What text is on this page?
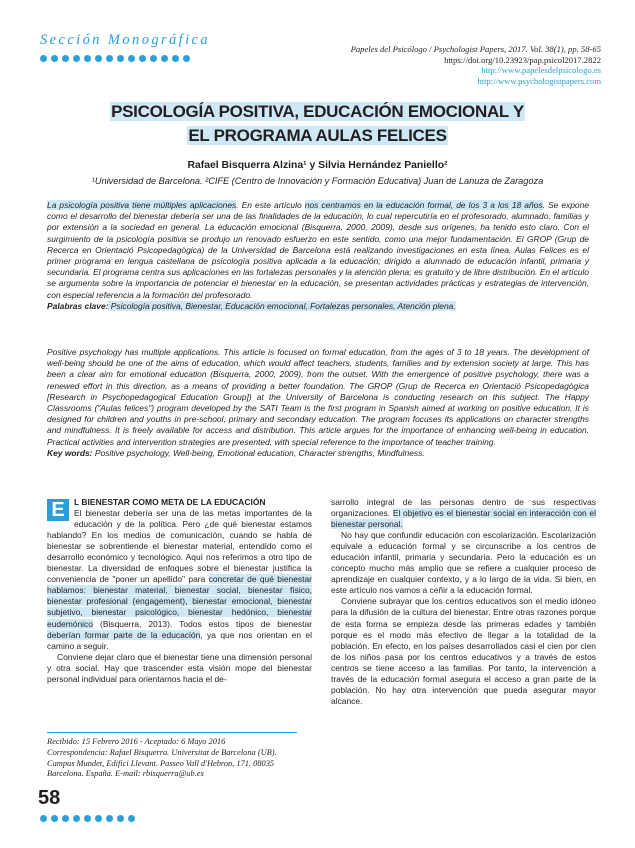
Sección Monográfica
Papeles del Psicólogo / Psychologist Papers, 2017. Vol. 38(1), pp. 58-65
https://doi.org/10.23923/pap.psicol2017.2822
http://www.papelesdelpsicologo.es
http://www.psychologistpapers.com
PSICOLOGÍA POSITIVA, EDUCACIÓN EMOCIONAL Y
EL PROGRAMA AULAS FELICES
Rafael Bisquerra Alzina¹ y Silvia Hernández Paniello²
¹Universidad de Barcelona. ²CIFE (Centro de Innovación y Formación Educativa) Juan de Lanuza de Zaragoza
La psicología positiva tiene múltiples aplicaciones. En este artículo nos centramos en la educación formal, de los 3 a los 18 años. Se expone como el desarrollo del bienestar debería ser una de las finalidades de la educación, lo cual repercutiría en el profesorado, alumnado, familias y por extensión a la sociedad en general. La educación emocional (Bisquerra, 2000, 2009), desde sus orígenes, ha tenido esto claro. Con el surgimiento de la psicología positiva se produjo un renovado esfuerzo en este sentido, como una mejor fundamentación. El GROP (Grup de Recerca en Orientació Psicopedagògica) de la Universidad de Barcelona está realizando investigaciones en esta línea. Aulas Felices es el primer programa en lengua castellana de psicología positiva aplicada a la educación; dirigido a alumnado de educación infantil, primaria y secundaria. El programa centra sus aplicaciones en las fortalezas personales y la atención plena; es gratuito y de libre distribución. En el artículo se argumenta sobre la importancia de potenciar el bienestar en la educación, se presentan actividades prácticas y estrategias de intervención, con especial referencia a la formación del profesorado.
Palabras clave: Psicología positiva, Bienestar, Educación emocional, Fortalezas personales, Atención plena.
Positive psychology has multiple applications. This article is focused on formal education, from the ages of 3 to 18 years. The development of well-being should be one of the aims of education, which would affect teachers, students, families and by extension society at large. This has been a clear aim for emotional education (Bisquerra, 2000, 2009), from the outset. With the emergence of positive psychology, there was a renewed effort in this direction, as a means of providing a better foundation. The GROP (Grup de Recerca en Orientació Psicopedagògica [Research in Psychopedagogical Education Group]) at the University of Barcelona is conducting research on this subject. The Happy Classrooms ("Aulas felices") program developed by the SATI Team is the first program in Spanish aimed at working on positive education. It is designed for children and youths in pre-school, primary and secondary education. The program focuses its applications on character strengths and mindfulness. It is freely available for access and distribution. This article argues for the importance of enhancing well-being in education. Practical activities and intervention strategies are presented, with special reference to the importance of teacher training.
Key words: Positive psychology, Well-being, Emotional education, Character strengths, Mindfulness.

E	L BIENESTAR COMO META DE LA EDUCACIÓN
El bienestar debería ser una de las metas importantes de la educación y de la política. Pero ¿de qué bienestar estamos hablando? En los medios de comunicación, cuando se habla de bienestar se sobrentiende el bienestar material, entendido como el desarrollo económico y tecnológico. Aquí nos referimos a otro tipo de bienestar. La diversidad de enfoques sobre el bienestar justifica la conveniencia de "poner un apellido" para concretar de qué bienestar hablamos: bienestar material, bienestar social, bienestar físico, bienestar profesional (engagement), bienestar emocional, bienestar subjetivo, bienestar psicológico, bienestar hedónico, bienestar eudemónico (Bisquerra, 2013). Todos estos tipos de bienestar deberían formar parte de la educación, ya que nos orientan en el camino a seguir.

Conviene dejar claro que el bienestar tiene una dimensión personal y otra social. Hay que trascender esta visión mope del bienestar personal individual para orientarnos hacia el de-

sarrollo integral de las personas dentro de sus respectivas organizaciones. El objetivo es el bienestar social en interacción con el bienestar personal.

No hay que confundir educación con escolarización. Escolarización equivale a educación formal y se circunscribe a los centros de educación infantil, primaria y secundaria. Pero la educación es un concepto mucho más amplio que se refiere a cualquier proceso de aprendizaje en cualquier contexto, y a lo largo de la vida. Si bien, en este artículo nos vamos a ceñir a la educación formal.

Conviene subrayar que los centros educativos son el medio idóneo para la difusión de la cultura del bienestar. Entre otras razones porque de esta forma se empieza desde las primeras edades y también porque es el modo más efectivo de llegar a la totalidad de la población. En efecto, en los países desarrollados casi el cien por cien de los niños pasa por los centros educativos y a través de estos centros se tiene acceso a las familias. Por tanto, la intervención a través de la educación formal asegura el acceso a gran parte de la población. No hay otra intervención que pueda asegurar mayor alcance.

Recibido: 15 Febrero 2016 - Aceptado: 6 Mayo 2016
Correspondencia: Rafael Bisquerra. Universitat de Barcelona (UB). Campus Mundet, Edifici Llevant. Passeo Vall d'Hebron, 171. 08035 Barcelona. España. E-mail: rbisquerra@ub.es
58
